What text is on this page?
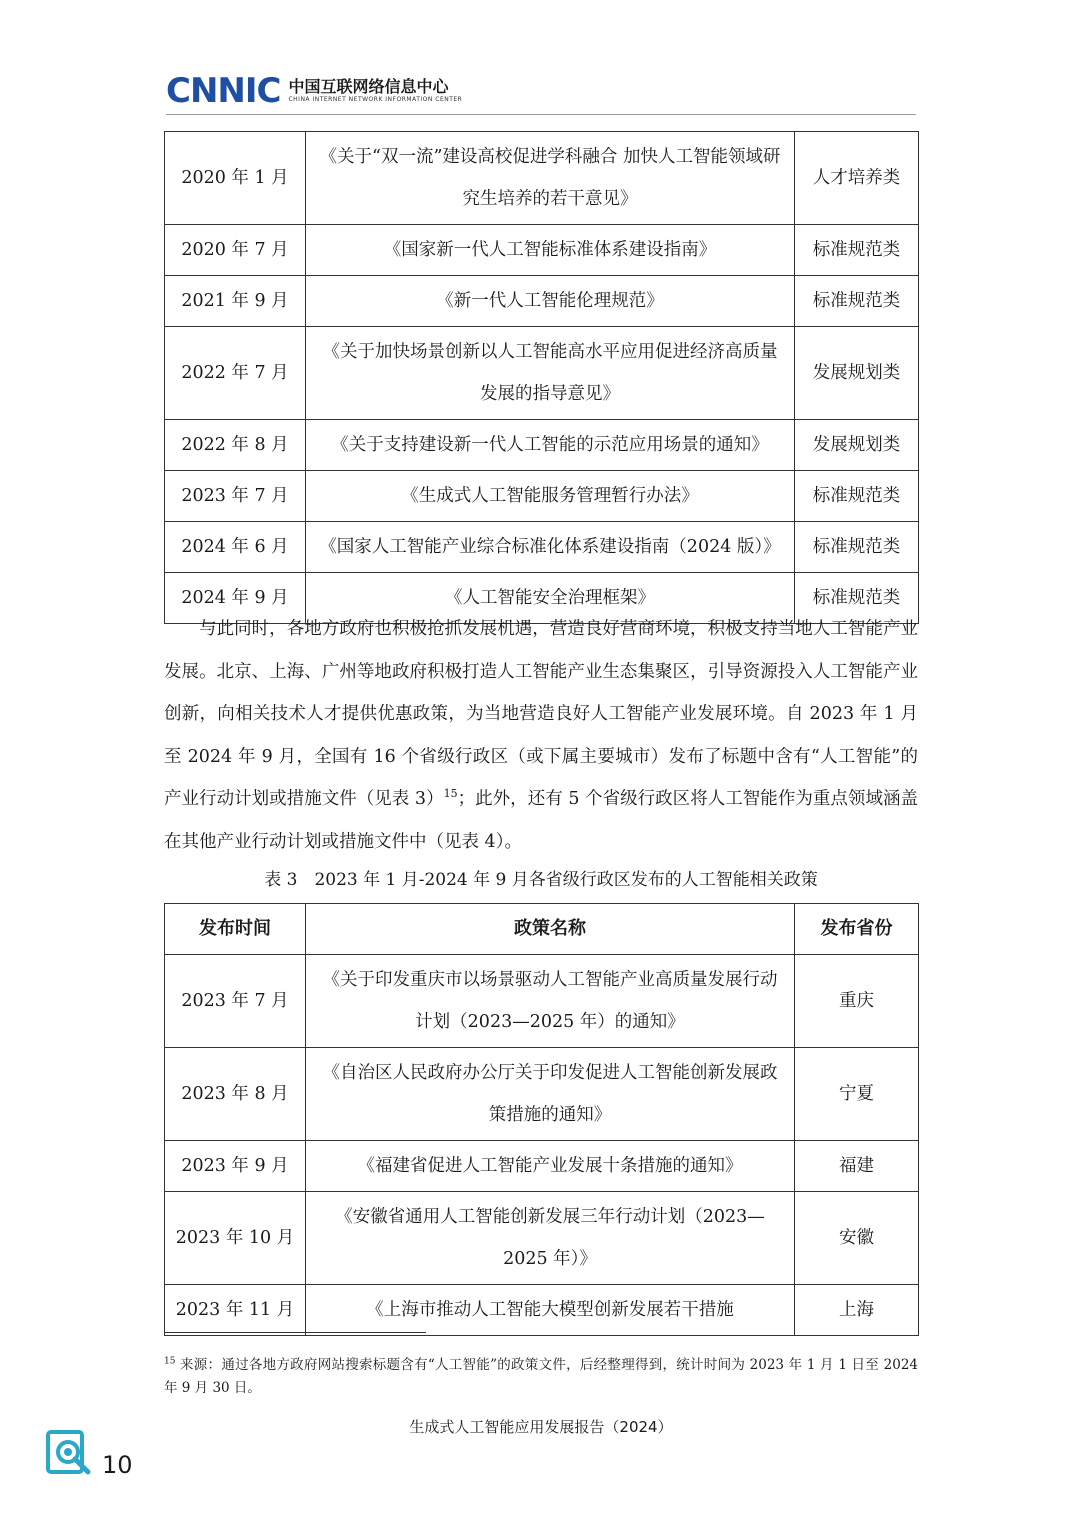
CNNIC 中国互联网络信息中心
CHINA INTERNET NETWORK INFORMATION CENTER
2020 年 1 月	《关于“双一流”建设高校促进学科融合 加快人工智能领域研究生培养的若干意见》	人才培养类
2020 年 7 月	《国家新一代人工智能标准体系建设指南》	标准规范类
2021 年 9 月	《新一代人工智能伦理规范》	标准规范类
2022 年 7 月	《关于加快场景创新以人工智能高水平应用促进经济高质量发展的指导意见》	发展规划类
2022 年 8 月	《关于支持建设新一代人工智能的示范应用场景的通知》	发展规划类
2023 年 7 月	《生成式人工智能服务管理暂行办法》	标准规范类
2024 年 6 月	《国家人工智能产业综合标准化体系建设指南（2024 版）》	标准规范类
2024 年 9 月	《人工智能安全治理框架》	标准规范类

与此同时，各地方政府也积极抢抓发展机遇，营造良好营商环境，积极支持当地人工智能产业发展。北京、上海、广州等地政府积极打造人工智能产业生态集聚区，引导资源投入人工智能产业创新，向相关技术人才提供优惠政策，为当地营造良好人工智能产业发展环境。自 2023 年 1 月至 2024 年 9 月，全国有 16 个省级行政区（或下属主要城市）发布了标题中含有“人工智能”的产业行动计划或措施文件（见表 3）$^{15}$；此外，还有 5 个省级行政区将人工智能作为重点领域涵盖在其他产业行动计划或措施文件中（见表 4）。

表 3　2023 年 1 月-2024 年 9 月各省级行政区发布的人工智能相关政策
发布时间	政策名称	发布省份
2023 年 7 月	《关于印发重庆市以场景驱动人工智能产业高质量发展行动计划（2023—2025 年）的通知》	重庆
2023 年 8 月	《自治区人民政府办公厅关于印发促进人工智能创新发展政策措施的通知》	宁夏
2023 年 9 月	《福建省促进人工智能产业发展十条措施的通知》	福建
2023 年 10 月	《安徽省通用人工智能创新发展三年行动计划（2023—2025 年）》	安徽
2023 年 11 月	《上海市推动人工智能大模型创新发展若干措施	上海

$^{15}$ 来源：通过各地方政府网站搜索标题含有“人工智能”的政策文件，后经整理得到，统计时间为 2023 年 1 月 1 日至 2024 年 9 月 30 日。

生成式人工智能应用发展报告（2024）
10
